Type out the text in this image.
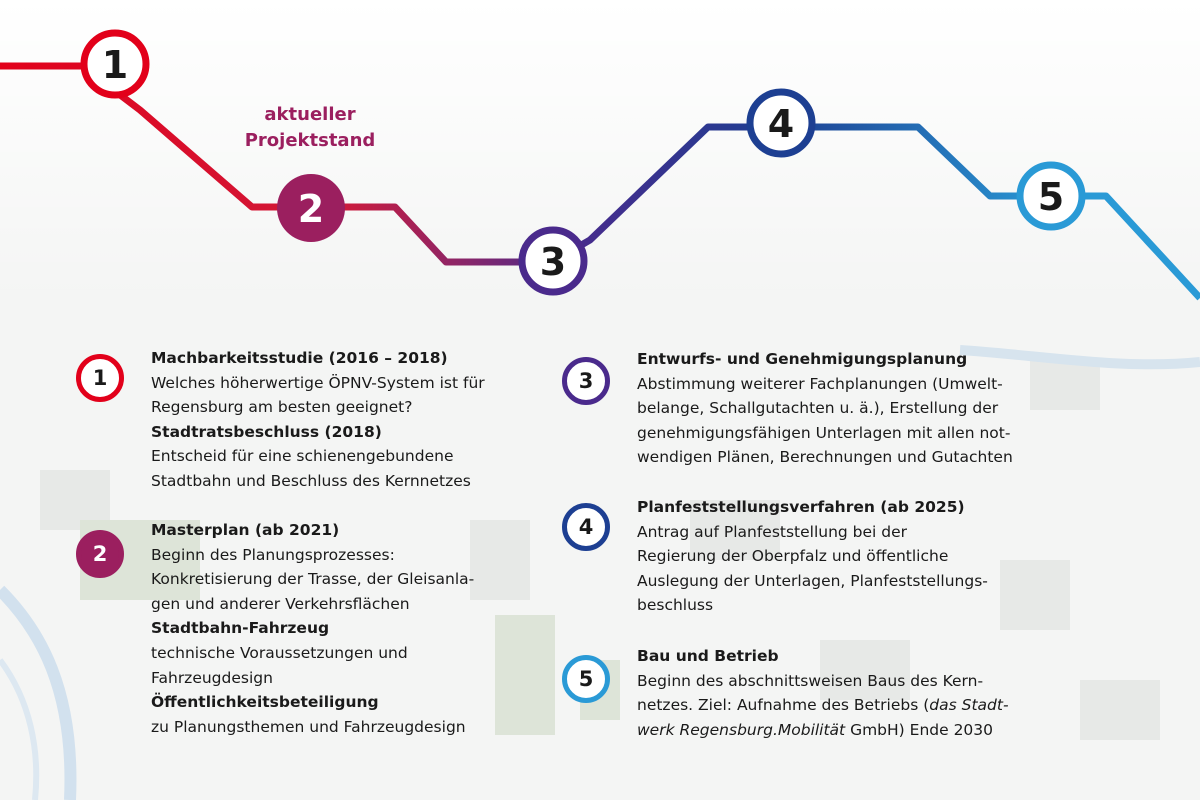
1
2
3
4
5
aktueller
Projektstand
1
Machbarkeitsstudie (2016 – 2018)
Welches höherwertige ÖPNV-System ist für
Regensburg am besten geeignet?
Stadtratsbeschluss (2018)
Entscheid für eine schienengebundene
Stadtbahn und Beschluss des Kernnetzes
2
Masterplan (ab 2021)
Beginn des Planungsprozesses:
Konkretisierung der Trasse, der Gleisanla-
gen und anderer Verkehrsflächen
Stadtbahn-Fahrzeug
technische Voraussetzungen und
Fahrzeugdesign
Öffentlichkeitsbeteiligung
zu Planungsthemen und Fahrzeugdesign
3
Entwurfs- und Genehmigungsplanung
Abstimmung weiterer Fachplanungen (Umwelt-
belange, Schallgutachten u. ä.), Erstellung der
genehmigungsfähigen Unterlagen mit allen not-
wendigen Plänen, Berechnungen und Gutachten
4
Planfeststellungsverfahren (ab 2025)
Antrag auf Planfeststellung bei der
Regierung der Oberpfalz und öffentliche
Auslegung der Unterlagen, Planfeststellungs-
beschluss
5
Bau und Betrieb
Beginn des abschnittsweisen Baus des Kern-
netzes. Ziel: Aufnahme des Betriebs (das Stadt-
werk Regensburg.Mobilität GmbH) Ende 2030
